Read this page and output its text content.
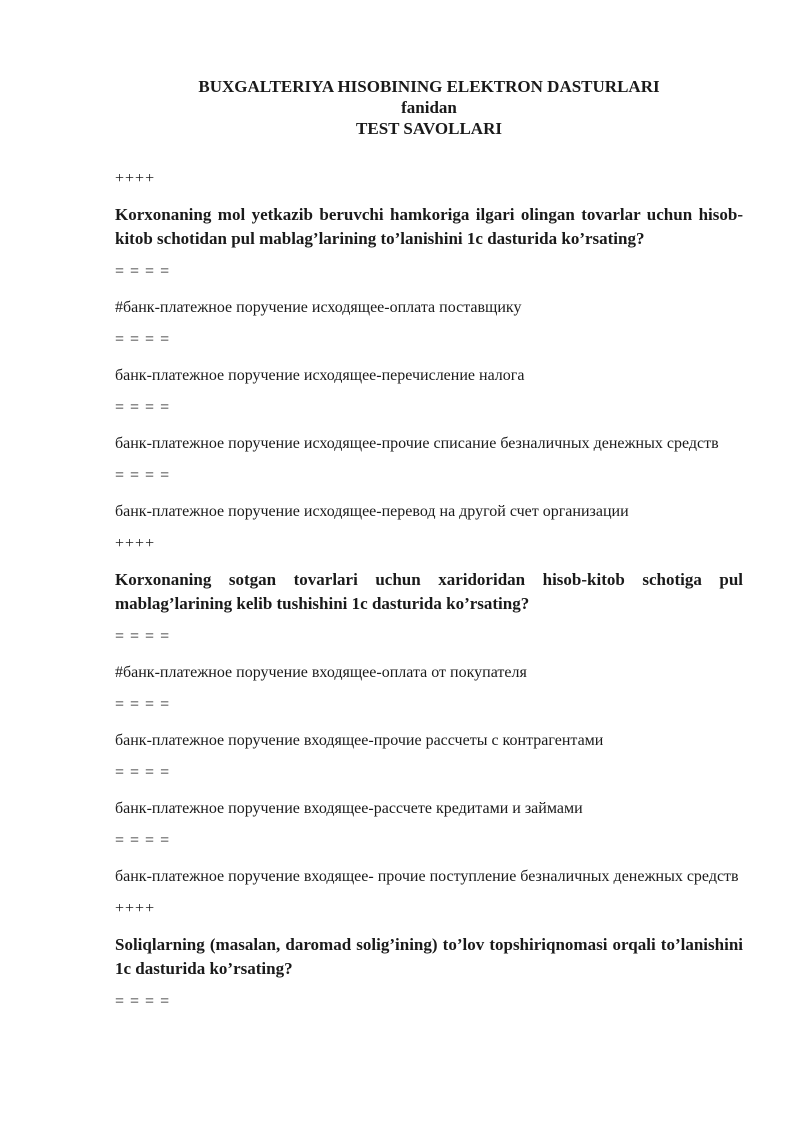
BUXGALTERIYA HISOBINING ELEKTRON DASTURLARI
fanidan
TEST SAVOLLARI
++++
Korxonaning mol yetkazib beruvchi hamkoriga ilgari olingan tovarlar uchun hisob-kitob schotidan pul mablag’larining to’lanishini 1c dasturida ko’rsating?
= = = =
#банк-платежное поручение исходящее-оплата поставщику
= = = =
банк-платежное поручение исходящее-перечисление налога
= = = =
банк-платежное поручение исходящее-прочие списание безналичных денежных средств
= = = =
банк-платежное поручение исходящее-перевод на другой счет организации
++++
Korxonaning sotgan tovarlari uchun xaridoridan hisob-kitob schotiga pul mablag’larining kelib tushishini 1c dasturida ko’rsating?
= = = =
#банк-платежное поручение входящее-оплата от покупателя
= = = =
банк-платежное поручение входящее-прочие рассчеты с контрагентами
= = = =
банк-платежное поручение входящее-рассчете кредитами и займами
= = = =
банк-платежное поручение входящее- прочие поступление безналичных денежных средств
++++
Soliqlarning (masalan, daromad solig’ining) to’lov topshiriqnomasi orqali to’lanishini 1c dasturida ko’rsating?
= = = =
